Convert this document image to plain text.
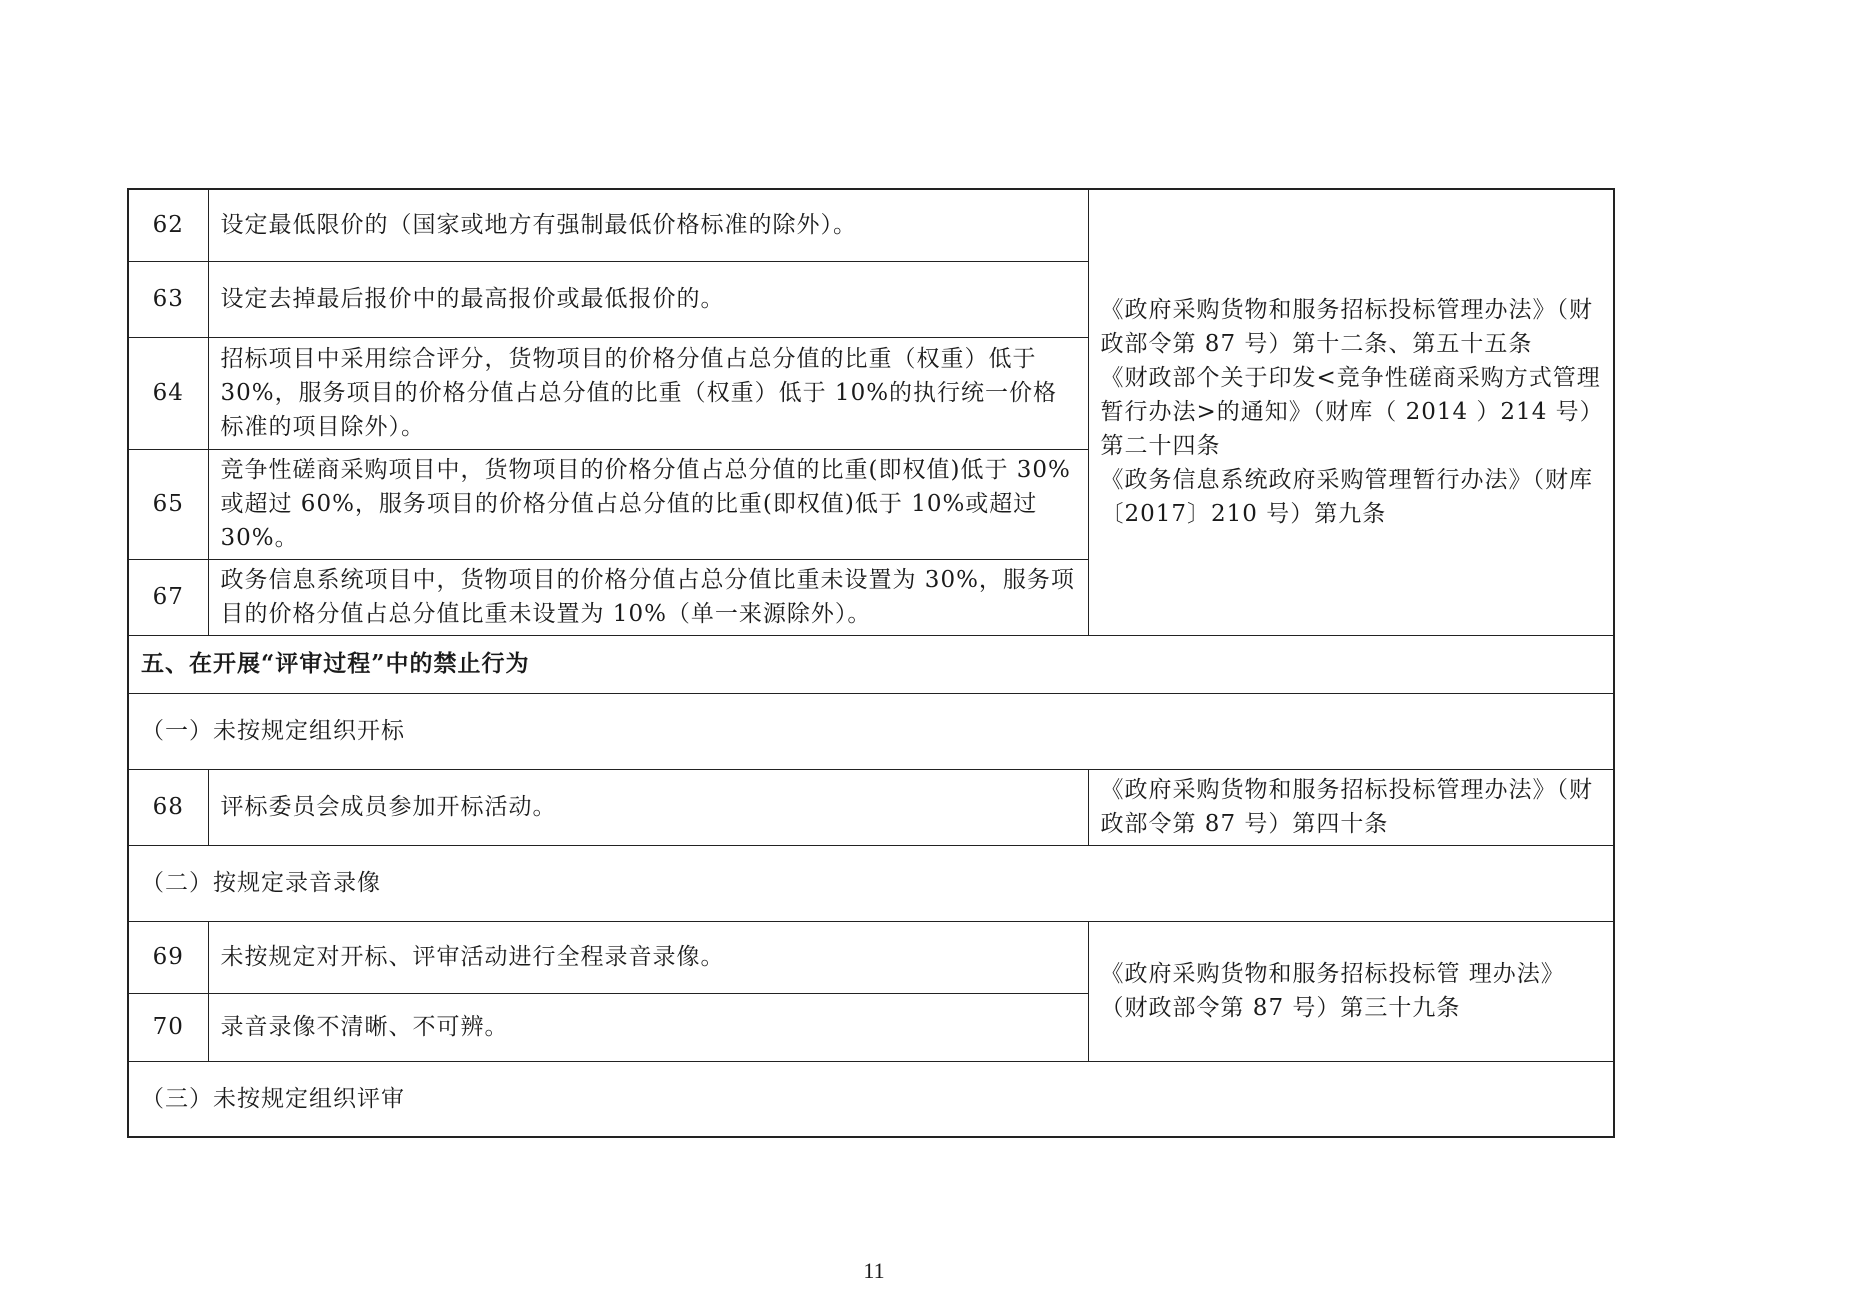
62	设定最低限价的（国家或地方有强制最低价格标准的除外）。	《政府采购货物和服务招标投标管理办法》（财政部令第 87 号）第十二条、第五十五条
《财政部个关于印发<竞争性磋商采购方式管理暂行办法>的通知》（财库（ 2014 ）214 号）第二十四条
《政务信息系统政府采购管理暂行办法》（财库〔2017〕210 号）第九条

63	设定去掉最后报价中的最高报价或最低报价的。	
64	招标项目中采用综合评分，货物项目的价格分值占总分值的比重（权重）低于 30%，服务项目的价格分值占总分值的比重（权重）低于 10%的执行统一价格标准的项目除外）。	
65	竞争性磋商采购项目中，货物项目的价格分值占总分值的比重(即权值)低于 30%或超过 60%，服务项目的价格分值占总分值的比重(即权值)低于 10%或超过 30%。	
67	政务信息系统项目中，货物项目的价格分值占总分值比重未设置为 30%，服务项目的价格分值占总分值比重未设置为 10%（单一来源除外）。	
五、在开展“评审过程”中的禁止行为		
（一）未按规定组织开标		
68	评标委员会成员参加开标活动。	《政府采购货物和服务招标投标管理办法》（财政部令第 87 号）第四十条

（二）按规定录音录像		
69	未按规定对开标、评审活动进行全程录音录像。	《政府采购货物和服务招标投标管 理办法》（财政部令第 87 号）第三十九条

70	录音录像不清晰、不可辨。	
（三）未按规定组织评审		
11
